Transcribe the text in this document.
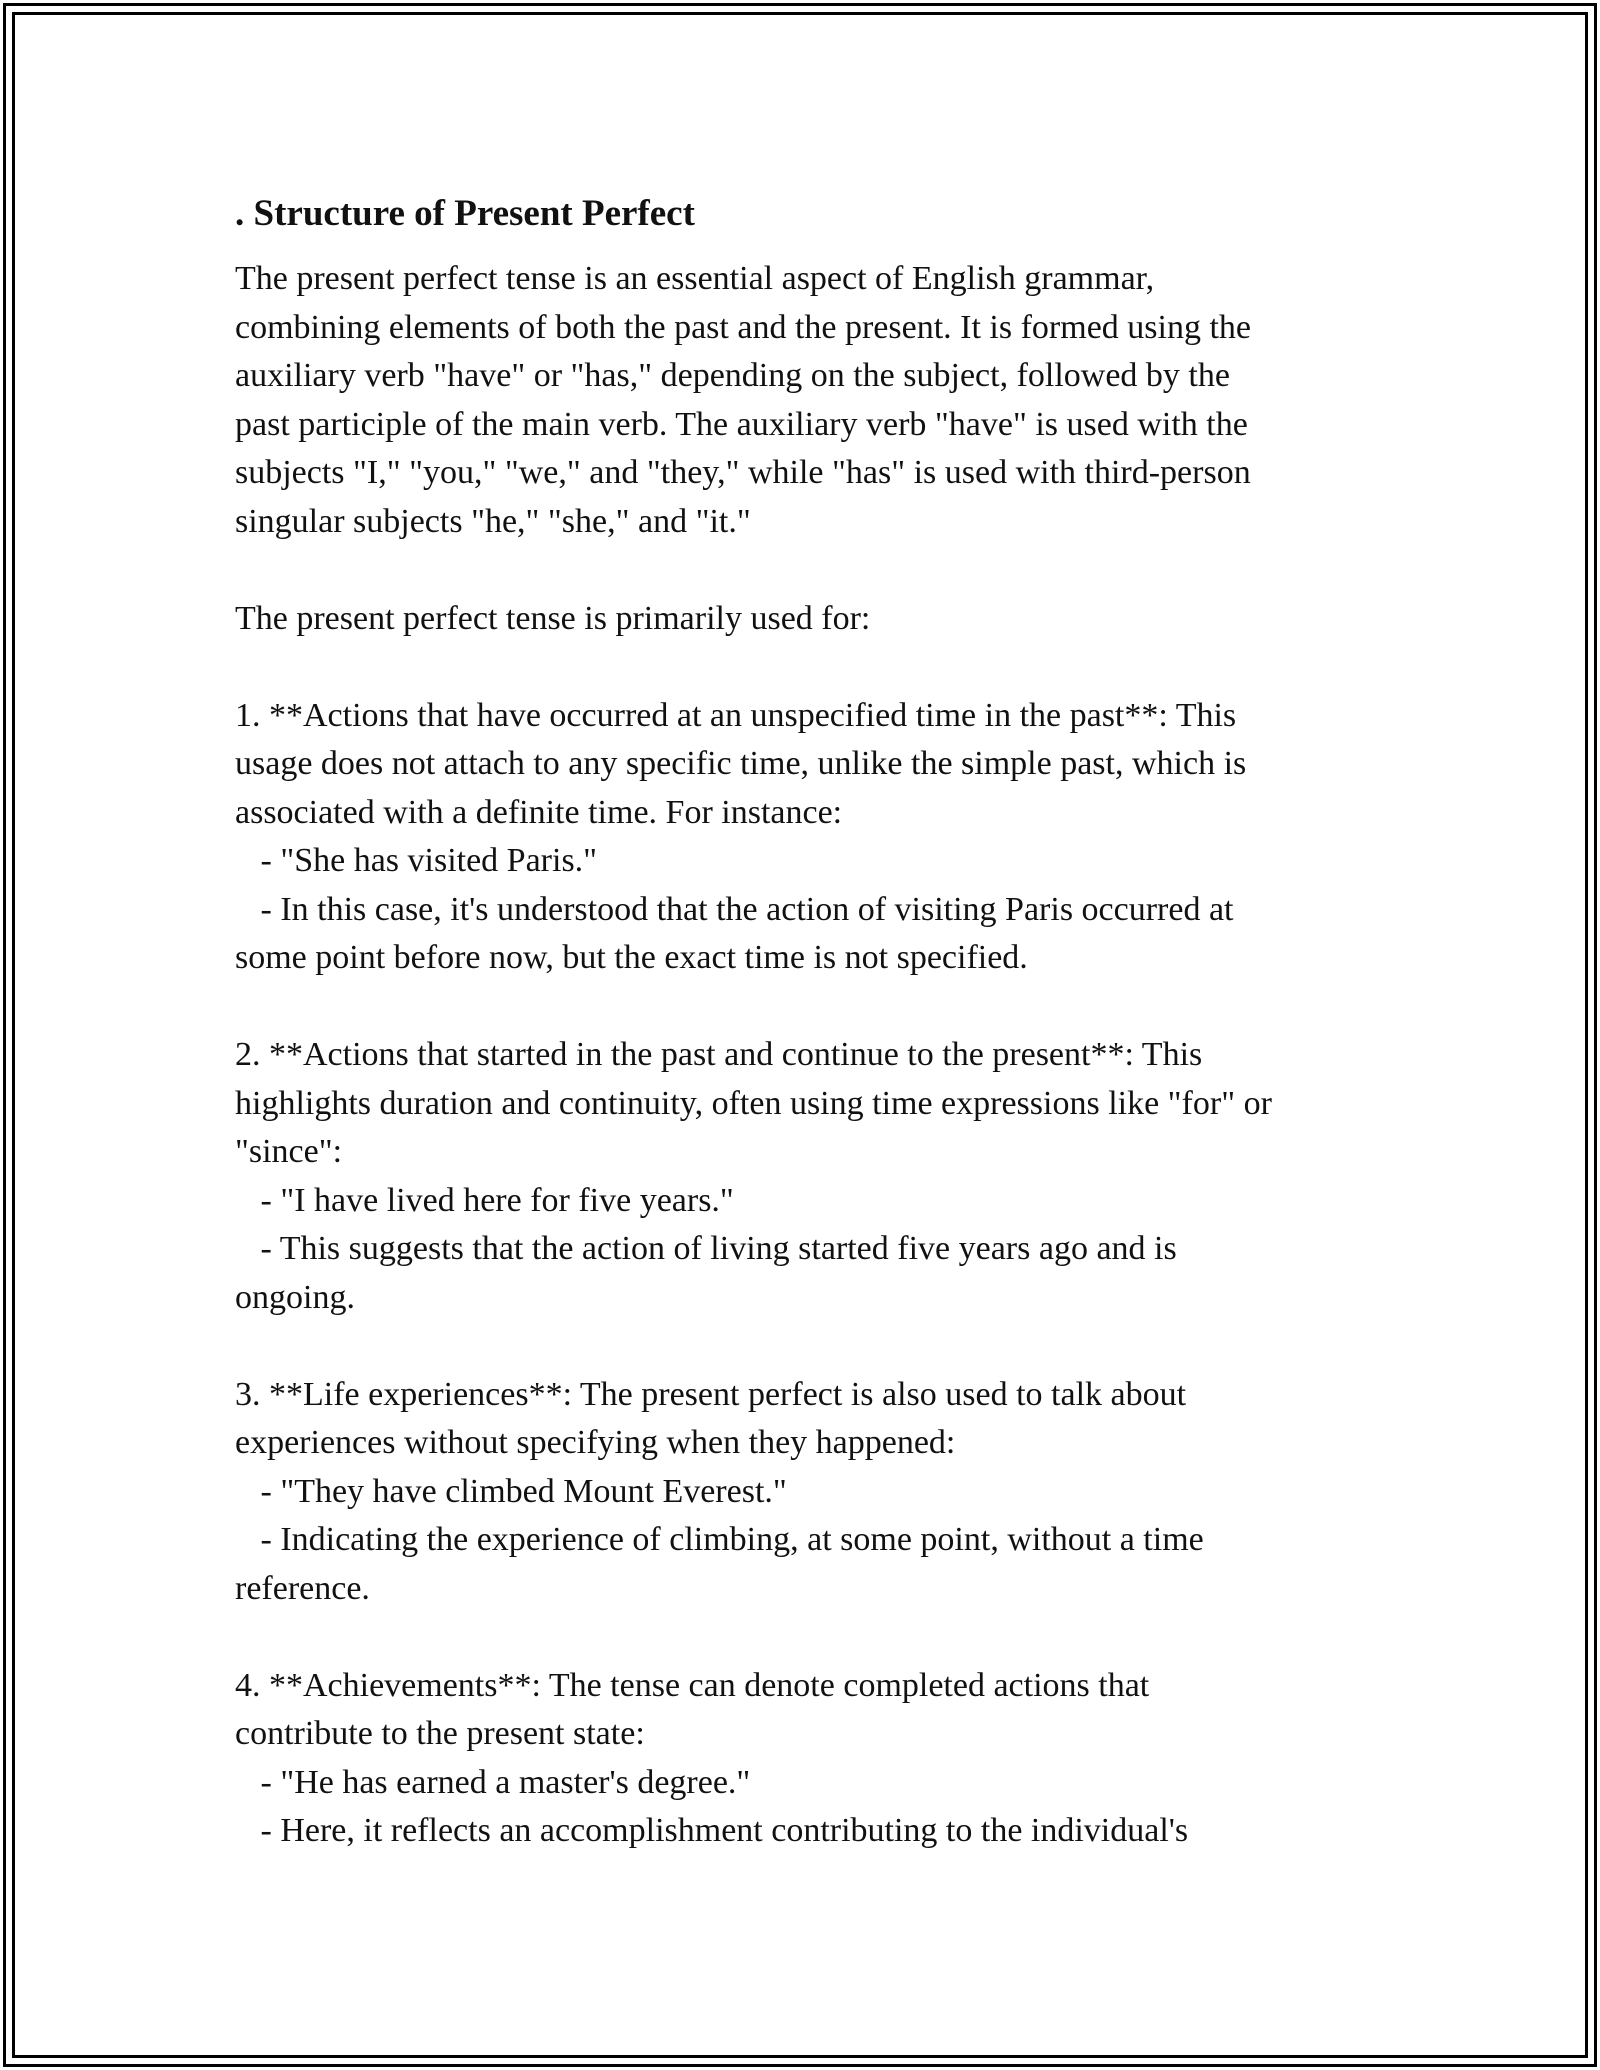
. Structure of Present Perfect
The present perfect tense is an essential aspect of English grammar,
combining elements of both the past and the present. It is formed using the
auxiliary verb "have" or "has," depending on the subject, followed by the
past participle of the main verb. The auxiliary verb "have" is used with the
subjects "I," "you," "we," and "they," while "has" is used with third-person
singular subjects "he," "she," and "it."

The present perfect tense is primarily used for:

1. **Actions that have occurred at an unspecified time in the past**: This
usage does not attach to any specific time, unlike the simple past, which is
associated with a definite time. For instance:
- "She has visited Paris."
- In this case, it's understood that the action of visiting Paris occurred at
some point before now, but the exact time is not specified.

2. **Actions that started in the past and continue to the present**: This
highlights duration and continuity, often using time expressions like "for" or
"since":
- "I have lived here for five years."
- This suggests that the action of living started five years ago and is
ongoing.

3. **Life experiences**: The present perfect is also used to talk about
experiences without specifying when they happened:
- "They have climbed Mount Everest."
- Indicating the experience of climbing, at some point, without a time
reference.

4. **Achievements**: The tense can denote completed actions that
contribute to the present state:
- "He has earned a master's degree."
- Here, it reflects an accomplishment contributing to the individual's
